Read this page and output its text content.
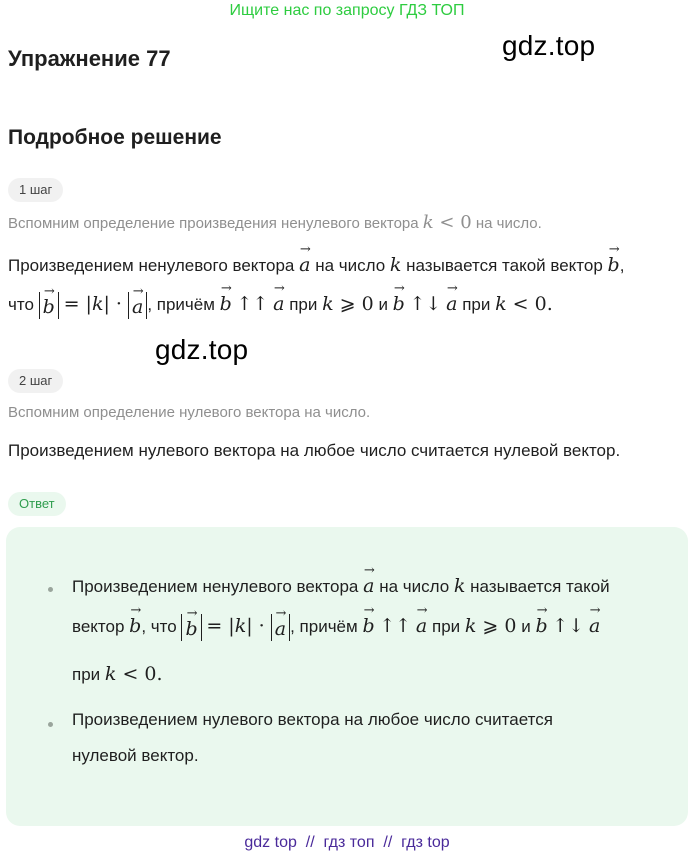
Ищите нас по запросу ГДЗ ТОП
gdz.top
gdz.top
Упражнение 77
Подробное решение
1 шаг
Вспомним определение произведения ненулевого вектора k < 0 на число.
Произведением ненулевого вектора a
→
на число k называется такой вектор b
→
,
что b
→
= |k| · a
→
, причём b
→
↑↑ a
→
при k ⩾ 0 и b
→
↑↓ a
→
при k < 0.
2 шаг
Вспомним определение нулевого вектора на число.
Произведением нулевого вектора на любое число считается нулевой вектор.
Ответ
Произведением ненулевого вектора a
→
на число k называется такой
вектор b
→
, что b
→
= |k| · a
→
, причём b
→
↑↑ a
→
при k ⩾ 0 и b
→
↑↓ a
→
при k < 0.
Произведением нулевого вектора на любое число считается
нулевой вектор.
gdz top  //  гдз топ  //  гдз top
